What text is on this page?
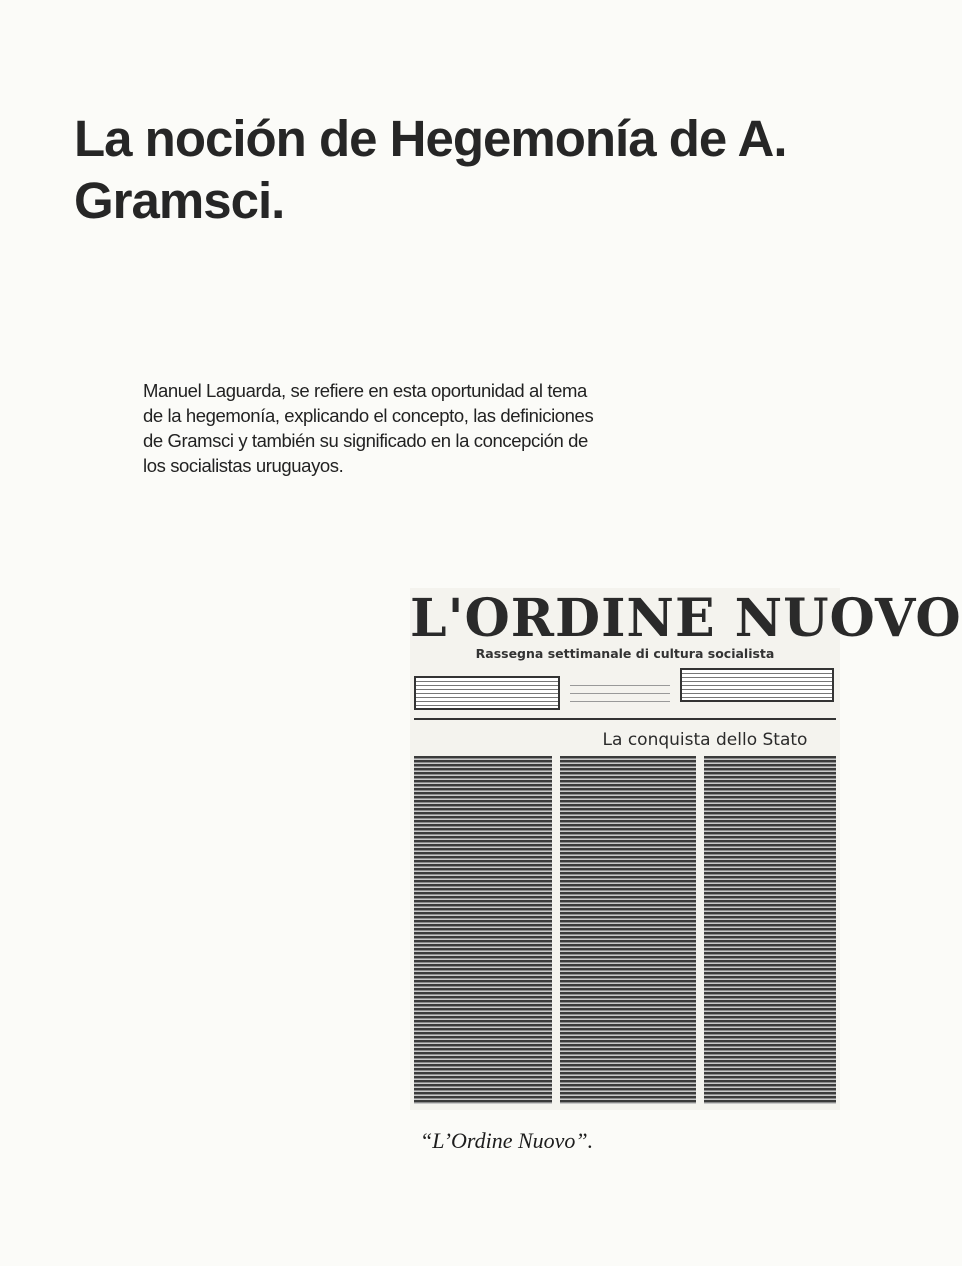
La noción de Hegemonía de A. Gramsci.

Manuel Laguarda, se refiere en esta oportunidad al tema de la hegemonía, explicando el concepto, las definiciones de Gramsci y también su significado en la concepción de los socialistas uruguayos.

L'ORDINE NUOVO
Rassegna settimanale di cultura socialista
La conquista dello Stato

“L’Ordine Nuovo”.
